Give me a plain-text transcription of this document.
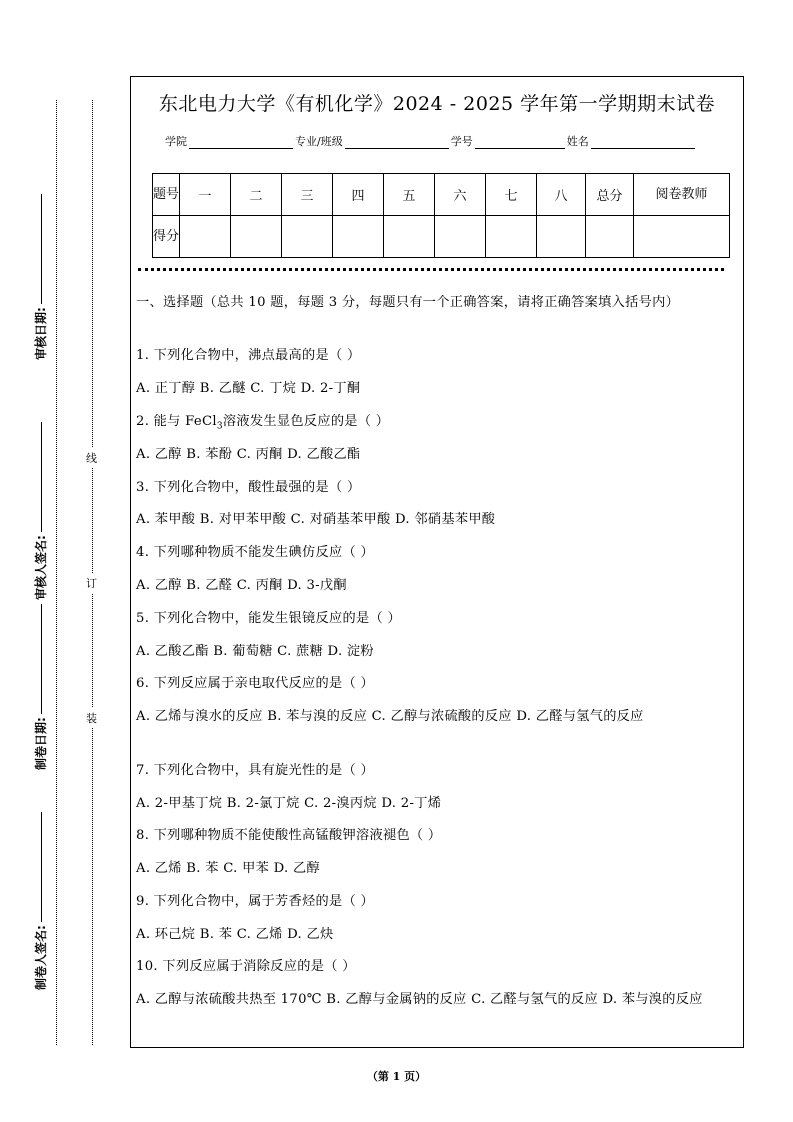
审核日期:
审核人签名:
制卷日期:
制卷人签名:
线
订
装
东北电力大学《有机化学》2024 - 2025 学年第一学期期末试卷
学院	专业/班级	学号	姓名
题号	一	二	三	四	五	六	七	八	总分	阅卷教师
得分										
一、选择题（总共 10 题，每题 3 分，每题只有一个正确答案，请将正确答案填入括号内）
1. 下列化合物中，沸点最高的是（ ）
A. 正丁醇 B. 乙醚 C. 丁烷 D. 2-丁酮
2. 能与 FeCl$_3$溶液发生显色反应的是（ ）
A. 乙醇 B. 苯酚 C. 丙酮 D. 乙酸乙酯
3. 下列化合物中，酸性最强的是（ ）
A. 苯甲酸 B. 对甲苯甲酸 C. 对硝基苯甲酸 D. 邻硝基苯甲酸
4. 下列哪种物质不能发生碘仿反应（ ）
A. 乙醇 B. 乙醛 C. 丙酮 D. 3-戊酮
5. 下列化合物中，能发生银镜反应的是（ ）
A. 乙酸乙酯 B. 葡萄糖 C. 蔗糖 D. 淀粉
6. 下列反应属于亲电取代反应的是（ ）
A. 乙烯与溴水的反应 B. 苯与溴的反应 C. 乙醇与浓硫酸的反应 D. 乙醛与氢气的反应
7. 下列化合物中，具有旋光性的是（ ）
A. 2-甲基丁烷 B. 2-氯丁烷 C. 2-溴丙烷 D. 2-丁烯
8. 下列哪种物质不能使酸性高锰酸钾溶液褪色（ ）
A. 乙烯 B. 苯 C. 甲苯 D. 乙醇
9. 下列化合物中，属于芳香烃的是（ ）
A. 环己烷 B. 苯 C. 乙烯 D. 乙炔
10. 下列反应属于消除反应的是（ ）
A. 乙醇与浓硫酸共热至 170℃ B. 乙醇与金属钠的反应 C. 乙醛与氢气的反应 D. 苯与溴的反应
（第 1 页）
